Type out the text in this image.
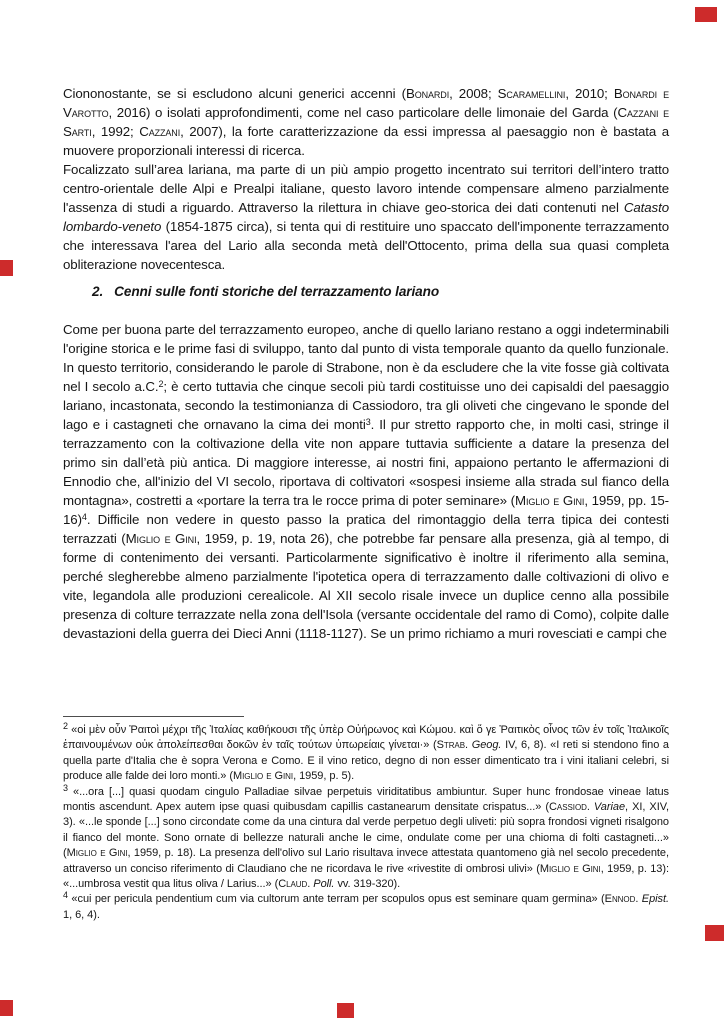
Ciononostante, se si escludono alcuni generici accenni (Bonardi, 2008; Scaramellini, 2010; Bonardi e Varotto, 2016) o isolati approfondimenti, come nel caso particolare delle limonaie del Garda (Cazzani e Sarti, 1992; Cazzani, 2007), la forte caratterizzazione da essi impressa al paesaggio non è bastata a muovere proporzionali interessi di ricerca.

Focalizzato sull’area lariana, ma parte di un più ampio progetto incentrato sui territori dell’intero tratto centro-orientale delle Alpi e Prealpi italiane, questo lavoro intende compensare almeno parzialmente l'assenza di studi a riguardo. Attraverso la rilettura in chiave geo-storica dei dati contenuti nel Catasto lombardo-veneto (1854-1875 circa), si tenta qui di restituire uno spaccato dell'imponente terrazzamento che interessava l'area del Lario alla seconda metà dell'Ottocento, prima della sua quasi completa obliterazione novecentesca.

2. Cenni sulle fonti storiche del terrazzamento lariano

Come per buona parte del terrazzamento europeo, anche di quello lariano restano a oggi indeterminabili l'origine storica e le prime fasi di sviluppo, tanto dal punto di vista temporale quanto da quello funzionale. In questo territorio, considerando le parole di Strabone, non è da escludere che la vite fosse già coltivata nel I secolo a.C.$^2$; è certo tuttavia che cinque secoli più tardi costituisse uno dei capisaldi del paesaggio lariano, incastonata, secondo la testimonianza di Cassiodoro, tra gli oliveti che cingevano le sponde del lago e i castagneti che ornavano la cima dei monti$^3$. Il pur stretto rapporto che, in molti casi, stringe il terrazzamento con la coltivazione della vite non appare tuttavia sufficiente a datare la presenza del primo sin dall’età più antica. Di maggiore interesse, ai nostri fini, appaiono pertanto le affermazioni di Ennodio che, all'inizio del VI secolo, riportava di coltivatori «sospesi insieme alla strada sul fianco della montagna», costretti a «portare la terra tra le rocce prima di poter seminare» (Miglio e Gini, 1959, pp. 15-16)$^4$. Difficile non vedere in questo passo la pratica del rimontaggio della terra tipica dei contesti terrazzati (Miglio e Gini, 1959, p. 19, nota 26), che potrebbe far pensare alla presenza, già al tempo, di forme di contenimento dei versanti. Particolarmente significativo è inoltre il riferimento alla semina, perché slegherebbe almeno parzialmente l'ipotetica opera di terrazzamento dalle coltivazioni di olivo e vite, legandola alle produzioni cerealicole. Al XII secolo risale invece un duplice cenno alla possibile presenza di colture terrazzate nella zona dell'Isola (versante occidentale del ramo di Como), colpite dalle devastazioni della guerra dei Dieci Anni (1118-1127). Se un primo richiamo a muri rovesciati e campi che

$^2$ «οἱ μὲν οὖν Ῥαιτοὶ μέχρι τῆς Ἰταλίας καθήκουσι τῆς ὑπὲρ Οὐήρωνος καὶ Κώμου. καὶ ὅ γε Ῥαιτικὸς οἶνος τῶν ἐν τοῖς Ἰταλικοῖς ἐπαινουμένων οὐκ ἀπολείπεσθαι δοκῶν ἐν ταῖς τούτων ὑπωρείαις γίνεται·» (Strab. Geog. IV, 6, 8). «I reti si stendono fino a quella parte d'Italia che è sopra Verona e Como. E il vino retico, degno di non esser dimenticato tra i vini italiani celebri, si produce alle falde dei loro monti.» (Miglio e Gini, 1959, p. 5).

$^3$ «...ora [...] quasi quodam cingulo Palladiae silvae perpetuis viriditatibus ambiuntur. Super hunc frondosae vineae latus montis ascendunt. Apex autem ipse quasi quibusdam capillis castanearum densitate crispatus...» (Cassiod. Variae, XI, XIV, 3). «...le sponde [...] sono circondate come da una cintura dal verde perpetuo degli uliveti: più sopra frondosi vigneti risalgono il fianco del monte. Sono ornate di bellezze naturali anche le cime, ondulate come per una chioma di folti castagneti...» (Miglio e Gini, 1959, p. 18). La presenza dell'olivo sul Lario risultava invece attestata quantomeno già nel secolo precedente, attraverso un conciso riferimento di Claudiano che ne ricordava le rive «rivestite di ombrosi ulivi» (Miglio e Gini, 1959, p. 13): «...umbrosa vestit qua litus oliva / Larius...» (Claud. Poll. vv. 319-320).

$^4$ «cui per pericula pendentium cum via cultorum ante terram per scopulos opus est seminare quam germina» (Ennod. Epist. 1, 6, 4).
